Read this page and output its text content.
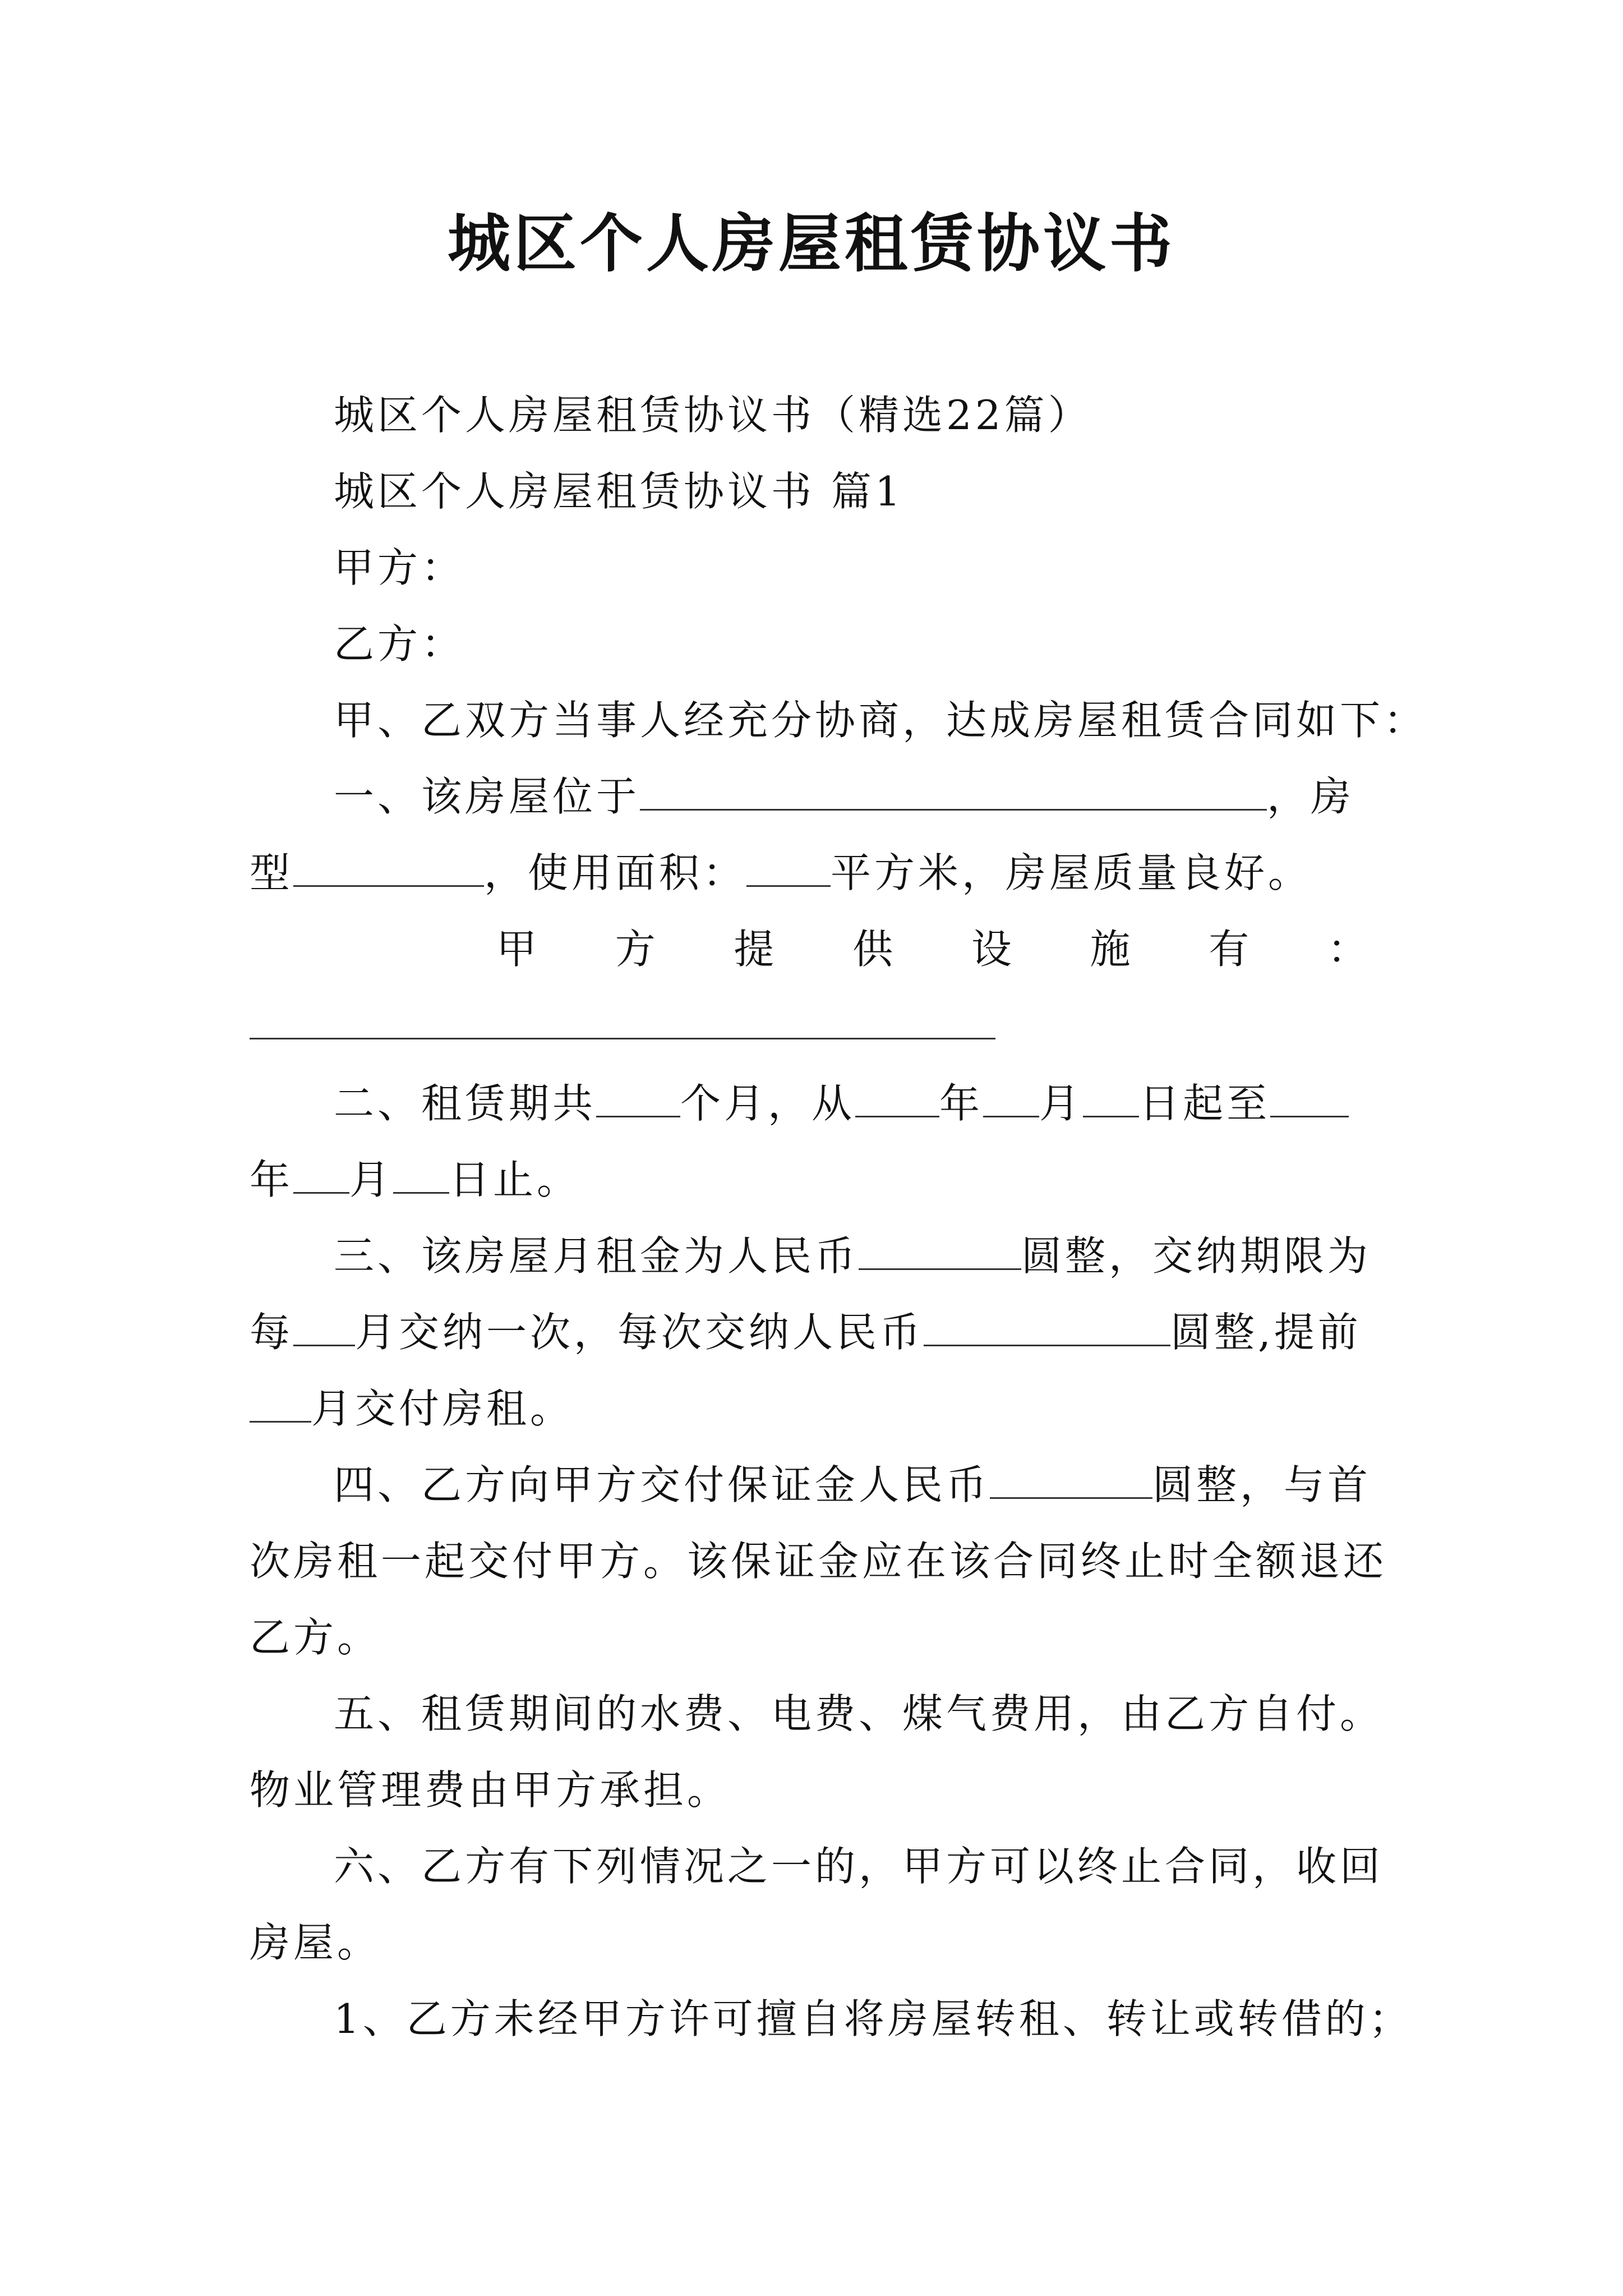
城区个人房屋租赁协议书

城区个人房屋租赁协议书（精选22篇）

城区个人房屋租赁协议书 篇1

甲方：

乙方：

甲、乙双方当事人经充分协商，达成房屋租赁合同如下：

一、该房屋位于	，房

型	，使用面积： 平方米，房屋质量良好。

甲 方 提 供 设 施 有 ：

二、租赁期共 个月，从 年 月 日起至

年 月 日止。

三、该房屋月租金为人民币	圆整，交纳期限为

每 月交纳一次，每次交纳人民币	圆整,提前

月交付房租。

四、乙方向甲方交付保证金人民币	圆整，与首

次房租一起交付甲方。该保证金应在该合同终止时全额退还

乙方。

五、租赁期间的水费、电费、煤气费用，由乙方自付。

物业管理费由甲方承担。

六、乙方有下列情况之一的，甲方可以终止合同，收回

房屋。

1、乙方未经甲方许可擅自将房屋转租、转让或转借的；
